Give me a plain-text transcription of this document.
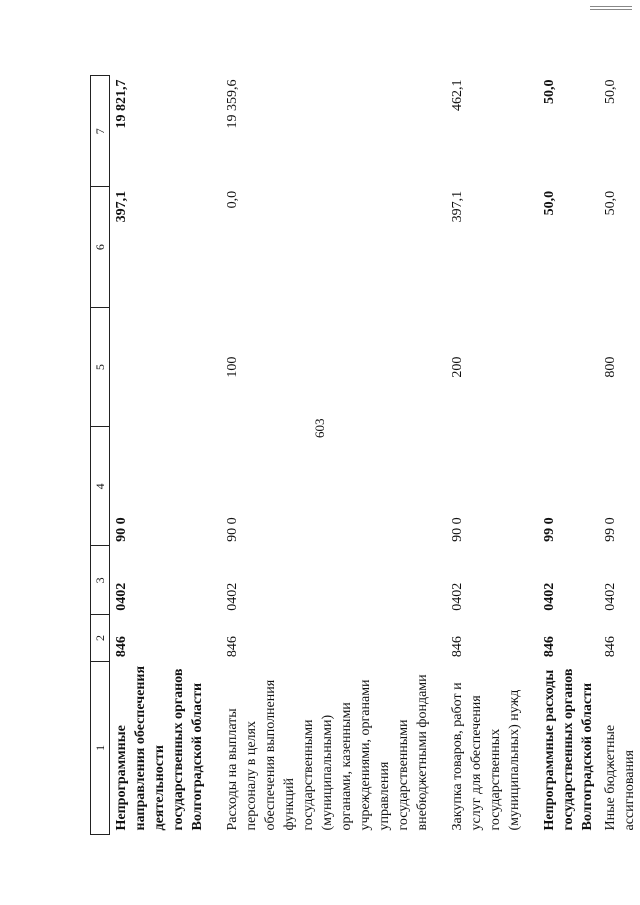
603
1	2	3	4	5	6	7
Непрограммные направления обеспечения деятельности государственных органов Волгоградской области	846	0402	90 0		397,1	19 821,7
Расходы на выплаты персоналу в целях обеспечения выполнения функций государственными (муниципальными) органами, казенными учреждениями, органами управления государственными внебюджетными фондами	846	0402	90 0	100	0,0	19 359,6
Закупка товаров, работ и услуг для обеспечения государственных (муниципальных) нужд	846	0402	90 0	200	397,1	462,1
Непрограммные расходы государственных органов Волгоградской области	846	0402	99 0		50,0	50,0
Иные бюджетные ассигнования	846	0402	99 0	800	50,0	50,0
